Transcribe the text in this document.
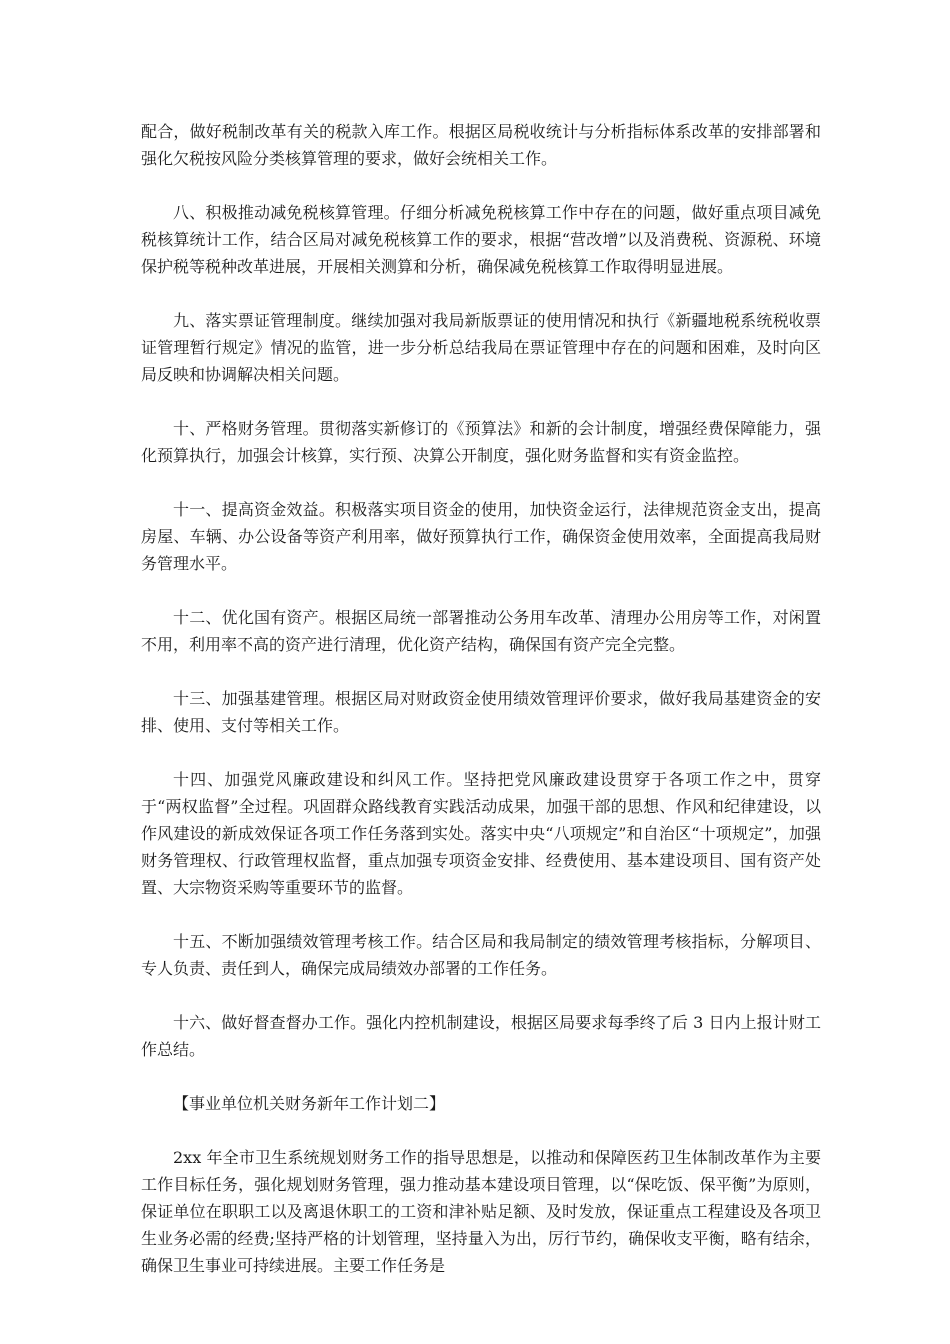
配合，做好税制改革有关的税款入库工作。根据区局税收统计与分析指标体系改革的安排部署和强化欠税按风险分类核算管理的要求，做好会统相关工作。

八、积极推动减免税核算管理。仔细分析减免税核算工作中存在的问题，做好重点项目减免税核算统计工作，结合区局对减免税核算工作的要求，根据“营改增”以及消费税、资源税、环境保护税等税种改革进展，开展相关测算和分析，确保减免税核算工作取得明显进展。

九、落实票证管理制度。继续加强对我局新版票证的使用情况和执行《新疆地税系统税收票证管理暂行规定》情况的监管，进一步分析总结我局在票证管理中存在的问题和困难，及时向区局反映和协调解决相关问题。

十、严格财务管理。贯彻落实新修订的《预算法》和新的会计制度，增强经费保障能力，强化预算执行，加强会计核算，实行预、决算公开制度，强化财务监督和实有资金监控。

十一、提高资金效益。积极落实项目资金的使用，加快资金运行，法律规范资金支出，提高房屋、车辆、办公设备等资产利用率，做好预算执行工作，确保资金使用效率，全面提高我局财务管理水平。

十二、优化国有资产。根据区局统一部署推动公务用车改革、清理办公用房等工作，对闲置不用，利用率不高的资产进行清理，优化资产结构，确保国有资产完全完整。

十三、加强基建管理。根据区局对财政资金使用绩效管理评价要求，做好我局基建资金的安排、使用、支付等相关工作。

十四、加强党风廉政建设和纠风工作。坚持把党风廉政建设贯穿于各项工作之中，贯穿于“两权监督”全过程。巩固群众路线教育实践活动成果，加强干部的思想、作风和纪律建设，以作风建设的新成效保证各项工作任务落到实处。落实中央“八项规定”和自治区“十项规定”，加强财务管理权、行政管理权监督，重点加强专项资金安排、经费使用、基本建设项目、国有资产处置、大宗物资采购等重要环节的监督。

十五、不断加强绩效管理考核工作。结合区局和我局制定的绩效管理考核指标，分解项目、专人负责、责任到人，确保完成局绩效办部署的工作任务。

十六、做好督查督办工作。强化内控机制建设，根据区局要求每季终了后 3 日内上报计财工作总结。

【事业单位机关财务新年工作计划二】

2xx 年全市卫生系统规划财务工作的指导思想是，以推动和保障医药卫生体制改革作为主要工作目标任务，强化规划财务管理，强力推动基本建设项目管理，以“保吃饭、保平衡”为原则，保证单位在职职工以及离退休职工的工资和津补贴足额、及时发放，保证重点工程建设及各项卫生业务必需的经费;坚持严格的计划管理，坚持量入为出，厉行节约，确保收支平衡，略有结余，确保卫生事业可持续进展。主要工作任务是
